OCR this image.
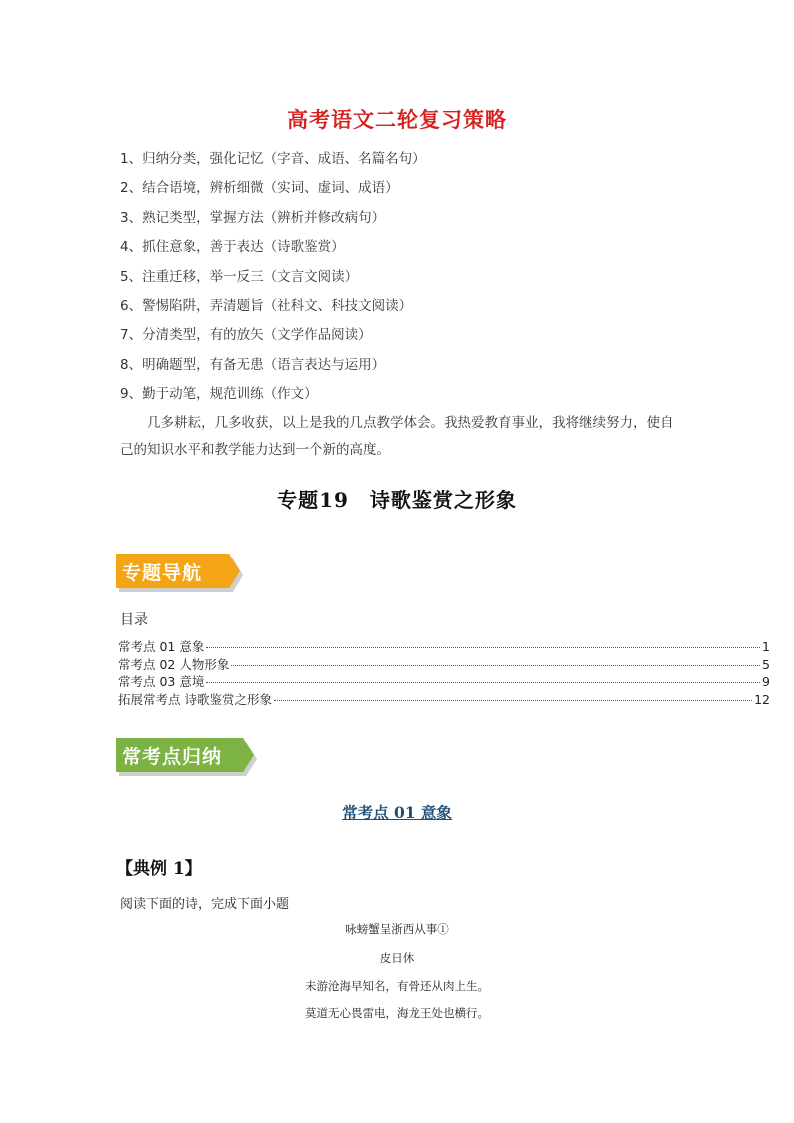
高考语文二轮复习策略
1、归纳分类，强化记忆（字音、成语、名篇名句）
2、结合语境，辨析细微（实词、虚词、成语）
3、熟记类型，掌握方法（辨析并修改病句）
4、抓住意象，善于表达（诗歌鉴赏）
5、注重迁移，举一反三（文言文阅读）
6、警惕陷阱，弄清题旨（社科文、科技文阅读）
7、分清类型，有的放矢（文学作品阅读）
8、明确题型，有备无患（语言表达与运用）
9、勤于动笔，规范训练（作文）
几多耕耘，几多收获，以上是我的几点教学体会。我热爱教育事业，我将继续努力，使自己的知识水平和教学能力达到一个新的高度。
专题19　诗歌鉴赏之形象
专题导航
目录
常考点 01 意象	1
常考点 02 人物形象	5
常考点 03 意境	9
拓展常考点 诗歌鉴赏之形象	12
常考点归纳
常考点 01 意象
【典例 1】
阅读下面的诗，完成下面小题
咏螃蟹呈浙西从事①
皮日休
未游沧海早知名，有骨还从肉上生。
莫道无心畏雷电，海龙王处也横行。
